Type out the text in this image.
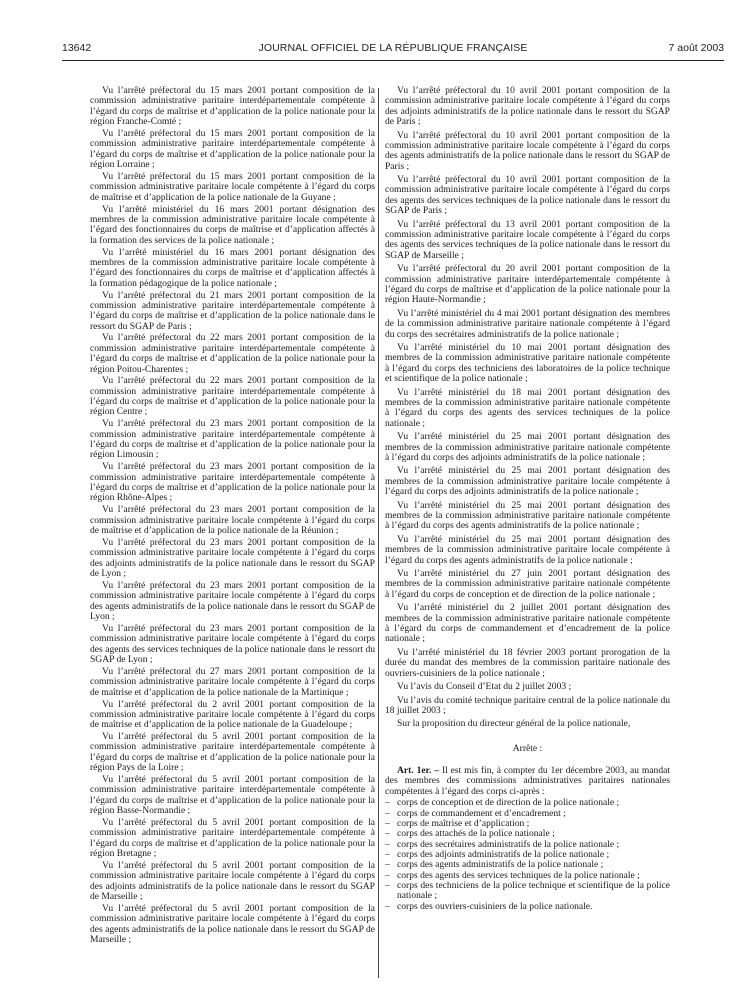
13642	JOURNAL OFFICIEL DE LA RÉPUBLIQUE FRANÇAISE	7 août 2003

Vu l’arrêté préfectoral du 15 mars 2001 portant composition de la commission administrative paritaire interdépartementale compétente à l’égard du corps de maîtrise et d’application de la police nationale pour la région Franche-Comté ;

Vu l’arrêté préfectoral du 15 mars 2001 portant composition de la commission administrative paritaire interdépartementale compétente à l’égard du corps de maîtrise et d’application de la police nationale pour la région Lorraine ;

Vu l’arrêté préfectoral du 15 mars 2001 portant composition de la commission administrative paritaire locale compétente à l’égard du corps de maîtrise et d’application de la police nationale de la Guyane ;

Vu l’arrêté ministériel du 16 mars 2001 portant désignation des membres de la commission administrative paritaire locale compétente à l’égard des fonctionnaires du corps de maîtrise et d’application affectés à la formation des services de la police nationale ;

Vu l’arrêté ministériel du 16 mars 2001 portant désignation des membres de la commission administrative paritaire locale compétente à l’égard des fonctionnaires du corps de maîtrise et d’application affectés à la formation pédagogique de la police nationale ;

Vu l’arrêté préfectoral du 21 mars 2001 portant composition de la commission administrative paritaire interdépartementale compétente à l’égard du corps de maîtrise et d’application de la police nationale dans le ressort du SGAP de Paris ;

Vu l’arrêté préfectoral du 22 mars 2001 portant composition de la commission administrative paritaire interdépartementale compétente à l’égard du corps de maîtrise et d’application de la police nationale pour la région Poitou-Charentes ;

Vu l’arrêté préfectoral du 22 mars 2001 portant composition de la commission administrative paritaire interdépartementale compétente à l’égard du corps de maîtrise et d’application de la police nationale pour la région Centre ;

Vu l’arrêté préfectoral du 23 mars 2001 portant composition de la commission administrative paritaire interdépartementale compétente à l’égard du corps de maîtrise et d’application de la police nationale pour la région Limousin ;

Vu l’arrêté préfectoral du 23 mars 2001 portant composition de la commission administrative paritaire interdépartementale compétente à l’égard du corps de maîtrise et d’application de la police nationale pour la région Rhône-Alpes ;

Vu l’arrêté préfectoral du 23 mars 2001 portant composition de la commission administrative paritaire locale compétente à l’égard du corps de maîtrise et d’application de la police nationale de la Réunion ;

Vu l’arrêté préfectoral du 23 mars 2001 portant composition de la commission administrative paritaire locale compétente à l’égard du corps des adjoints administratifs de la police nationale dans le ressort du SGAP de Lyon ;

Vu l’arrêté préfectoral du 23 mars 2001 portant composition de la commission administrative paritaire locale compétente à l’égard du corps des agents administratifs de la police nationale dans le ressort du SGAP de Lyon ;

Vu l’arrêté préfectoral du 23 mars 2001 portant composition de la commission administrative paritaire locale compétente à l’égard du corps des agents des services techniques de la police nationale dans le ressort du SGAP de Lyon ;

Vu l’arrêté préfectoral du 27 mars 2001 portant composition de la commission administrative paritaire locale compétente à l’égard du corps de maîtrise et d’application de la police nationale de la Martinique ;

Vu l’arrêté préfectoral du 2 avril 2001 portant composition de la commission administrative paritaire locale compétente à l’égard du corps de maîtrise et d’application de la police nationale de la Guadeloupe ;

Vu l’arrêté préfectoral du 5 avril 2001 portant composition de la commission administrative paritaire interdépartementale compétente à l’égard du corps de maîtrise et d’application de la police nationale pour la région Pays de la Loire ;

Vu l’arrêté préfectoral du 5 avril 2001 portant composition de la commission administrative paritaire interdépartementale compétente à l’égard du corps de maîtrise et d’application de la police nationale pour la région Basse-Normandie ;

Vu l’arrêté préfectoral du 5 avril 2001 portant composition de la commission administrative paritaire interdépartementale compétente à l’égard du corps de maîtrise et d’application de la police nationale pour la région Bretagne ;

Vu l’arrêté préfectoral du 5 avril 2001 portant composition de la commission administrative paritaire locale compétente à l’égard du corps des adjoints administratifs de la police nationale dans le ressort du SGAP de Marseille ;

Vu l’arrêté préfectoral du 5 avril 2001 portant composition de la commission administrative paritaire locale compétente à l’égard du corps des agents administratifs de la police nationale dans le ressort du SGAP de Marseille ;

Vu l’arrêté préfectoral du 10 avril 2001 portant composition de la commission administrative paritaire locale compétente à l’égard du corps des adjoints administratifs de la police nationale dans le ressort du SGAP de Paris ;

Vu l’arrêté préfectoral du 10 avril 2001 portant composition de la commission administrative paritaire locale compétente à l’égard du corps des agents administratifs de la police nationale dans le ressort du SGAP de Paris ;

Vu l’arrêté préfectoral du 10 avril 2001 portant composition de la commission administrative paritaire locale compétente à l’égard du corps des agents des services techniques de la police nationale dans le ressort du SGAP de Paris ;

Vu l’arrêté préfectoral du 13 avril 2001 portant composition de la commission administrative paritaire locale compétente à l’égard du corps des agents des services techniques de la police nationale dans le ressort du SGAP de Marseille ;

Vu l’arrêté préfectoral du 20 avril 2001 portant composition de la commission administrative paritaire interdépartementale compétente à l’égard du corps de maîtrise et d’application de la police nationale pour la région Haute-Normandie ;

Vu l’arrêté ministériel du 4 mai 2001 portant désignation des membres de la commission administrative paritaire nationale compétente à l’égard du corps des secrétaires administratifs de la police nationale ;

Vu l’arrêté ministériel du 10 mai 2001 portant désignation des membres de la commission administrative paritaire nationale compétente à l’égard du corps des techniciens des laboratoires de la police technique et scientifique de la police nationale ;

Vu l’arrêté ministériel du 18 mai 2001 portant désignation des membres de la commission administrative paritaire nationale compétente à l’égard du corps des agents des services techniques de la police nationale ;

Vu l’arrêté ministériel du 25 mai 2001 portant désignation des membres de la commission administrative paritaire nationale compétente à l’égard du corps des adjoints administratifs de la police nationale ;

Vu l’arrêté ministériel du 25 mai 2001 portant désignation des membres de la commission administrative paritaire locale compétente à l’égard du corps des adjoints administratifs de la police nationale ;

Vu l’arrêté ministériel du 25 mai 2001 portant désignation des membres de la commission administrative paritaire nationale compétente à l’égard du corps des agents administratifs de la police nationale ;

Vu l’arrêté ministériel du 25 mai 2001 portant désignation des membres de la commission administrative paritaire locale compétente à l’égard du corps des agents administratifs de la police nationale ;

Vu l’arrêté ministériel du 27 juin 2001 portant désignation des membres de la commission administrative paritaire nationale compétente à l’égard du corps de conception et de direction de la police nationale ;

Vu l’arrêté ministériel du 2 juillet 2001 portant désignation des membres de la commission administrative paritaire nationale compétente à l’égard du corps de commandement et d’encadrement de la police nationale ;

Vu l’arrêté ministériel du 18 février 2003 portant prorogation de la durée du mandat des membres de la commission paritaire nationale des ouvriers-cuisiniers de la police nationale ;

Vu l’avis du Conseil d’Etat du 2 juillet 2003 ;

Vu l’avis du comité technique paritaire central de la police nationale du 18 juillet 2003 ;

Sur la proposition du directeur général de la police nationale,

Arrête :

Art. 1er. – Il est mis fin, à compter du 1er décembre 2003, au mandat des membres des commissions administratives paritaires nationales compétentes à l’égard des corps ci-après :

– corps de conception et de direction de la police nationale ;
– corps de commandement et d’encadrement ;
– corps de maîtrise et d’application ;
– corps des attachés de la police nationale ;
– corps des secrétaires administratifs de la police nationale ;
– corps des adjoints administratifs de la police nationale ;
– corps des agents administratifs de la police nationale ;
– corps des agents des services techniques de la police nationale ;
– corps des techniciens de la police technique et scientifique de la police nationale ;
– corps des ouvriers-cuisiniers de la police nationale.
